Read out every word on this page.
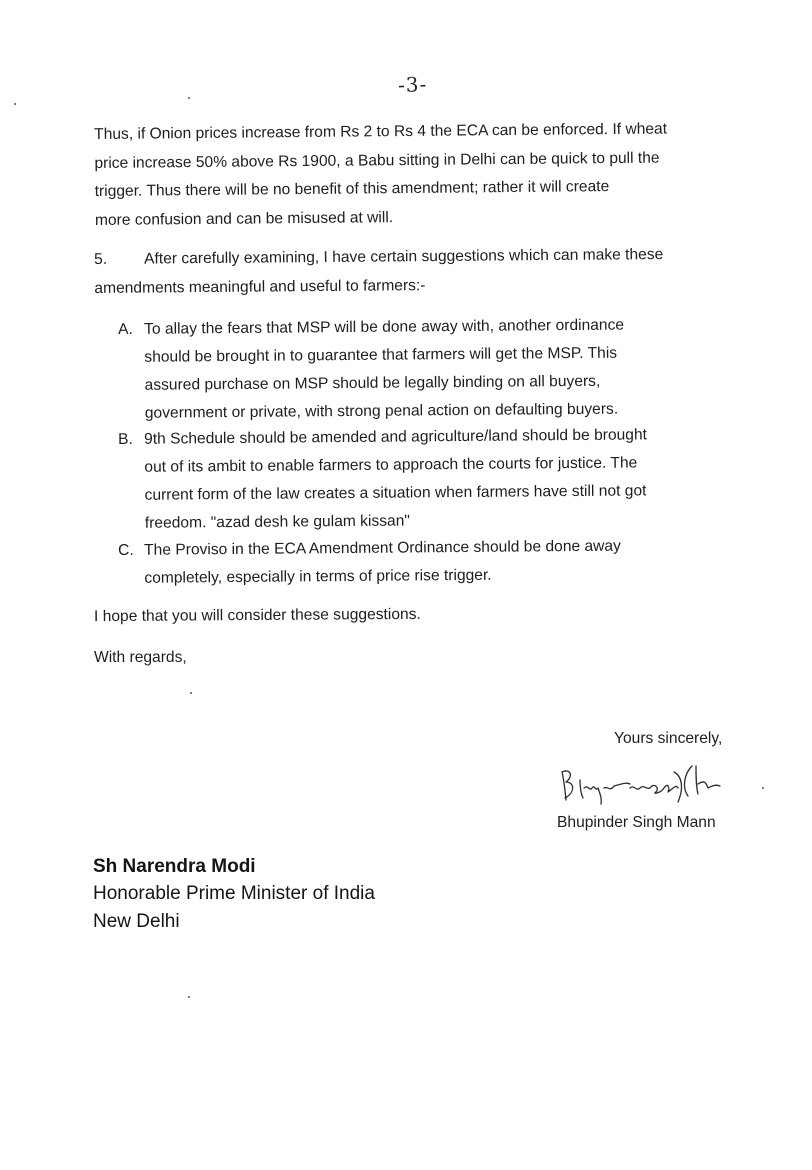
-3-
Thus, if Onion prices increase from Rs 2 to Rs 4 the ECA can be enforced. If wheat
price increase 50% above Rs 1900, a Babu sitting in Delhi can be quick to pull the
trigger. Thus there will be no benefit of this amendment; rather it will create
more confusion and can be misused at will.
5. After carefully examining, I have certain suggestions which can make these
amendments meaningful and useful to farmers:-
A. To allay the fears that MSP will be done away with, another ordinance
should be brought in to guarantee that farmers will get the MSP. This
assured purchase on MSP should be legally binding on all buyers,
government or private, with strong penal action on defaulting buyers.
B. 9th Schedule should be amended and agriculture/land should be brought
out of its ambit to enable farmers to approach the courts for justice. The
current form of the law creates a situation when farmers have still not got
freedom. "azad desh ke gulam kissan"
C. The Proviso in the ECA Amendment Ordinance should be done away
completely, especially in terms of price rise trigger.
I hope that you will consider these suggestions.
With regards,
Yours sincerely,
Bhupinder Singh Mann
Sh Narendra Modi
Honorable Prime Minister of India
New Delhi
